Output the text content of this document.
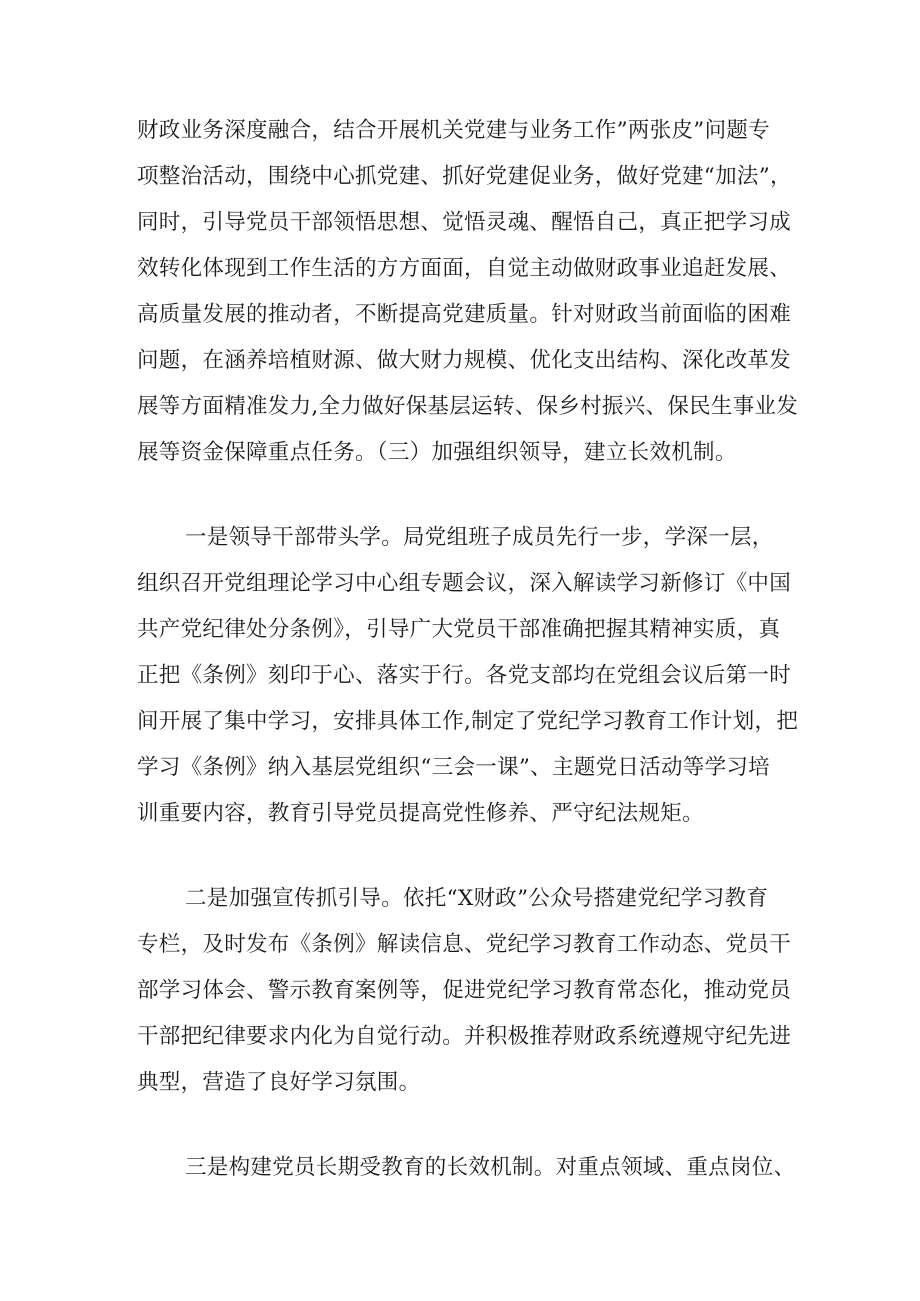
财政业务深度融合，结合开展机关党建与业务工作”两张皮”问题专
项整治活动，围绕中心抓党建、抓好党建促业务，做好党建“加法”，
同时，引导党员干部领悟思想、觉悟灵魂、醒悟自己，真正把学习成
效转化体现到工作生活的方方面面，自觉主动做财政事业追赶发展、
高质量发展的推动者，不断提高党建质量。针对财政当前面临的困难
问题，在涵养培植财源、做大财力规模、优化支出结构、深化改革发
展等方面精准发力,全力做好保基层运转、保乡村振兴、保民生事业发
展等资金保障重点任务。（三）加强组织领导，建立长效机制。
一是领导干部带头学。局党组班子成员先行一步，学深一层，
组织召开党组理论学习中心组专题会议，深入解读学习新修订《中国
共产党纪律处分条例》，引导广大党员干部准确把握其精神实质，真
正把《条例》刻印于心、落实于行。各党支部均在党组会议后第一时
间开展了集中学习，安排具体工作,制定了党纪学习教育工作计划，把
学习《条例》纳入基层党组织“三会一课”、主题党日活动等学习培
训重要内容，教育引导党员提高党性修养、严守纪法规矩。
二是加强宣传抓引导。依托“X财政”公众号搭建党纪学习教育
专栏，及时发布《条例》解读信息、党纪学习教育工作动态、党员干
部学习体会、警示教育案例等，促进党纪学习教育常态化，推动党员
干部把纪律要求内化为自觉行动。并积极推荐财政系统遵规守纪先进
典型，营造了良好学习氛围。
三是构建党员长期受教育的长效机制。对重点领域、重点岗位、
